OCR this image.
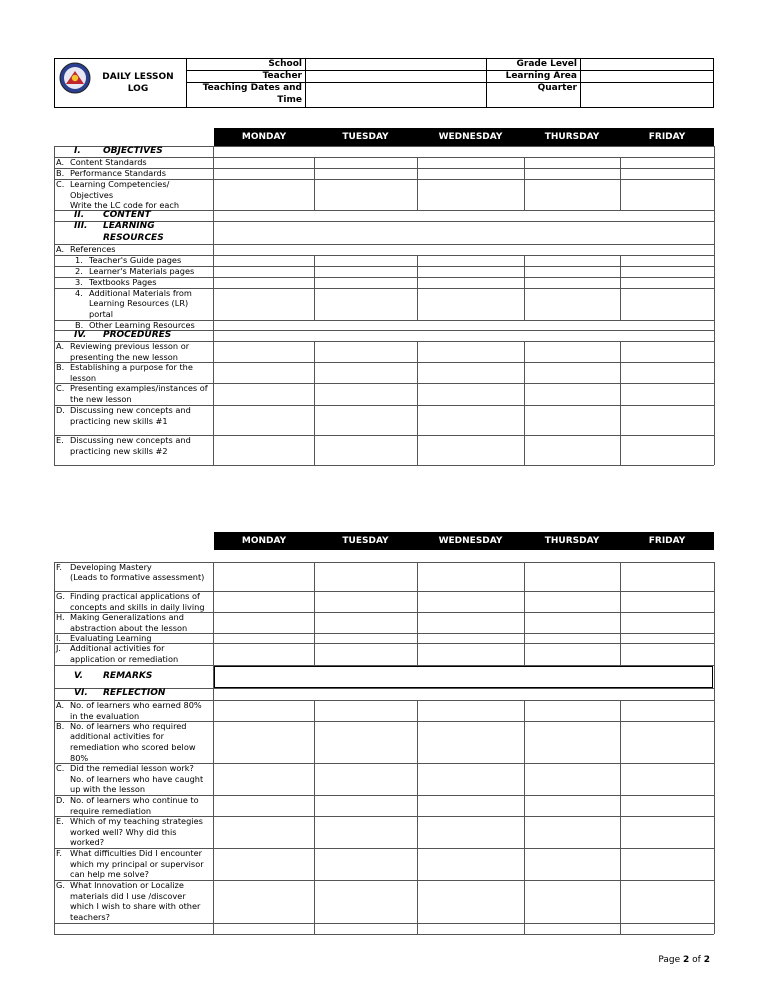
DAILY LESSON
LOG
School
Teacher
Teaching Dates and
Time
Grade Level
Learning Area
Quarter
MONDAY	TUESDAY	WEDNESDAY	THURSDAY	FRIDAY
I. OBJECTIVES
A. Content Standards
B. Performance Standards
C. Learning Competencies/
Objectives
Write the LC code for each
II. CONTENT
III. LEARNING
RESOURCES
A. References
1. Teacher's Guide pages
2. Learner's Materials pages
3. Textbooks Pages
4. Additional Materials from
Learning Resources (LR)
portal
B. Other Learning Resources
IV. PROCEDURES
A. Reviewing previous lesson or
presenting the new lesson
B. Establishing a purpose for the
lesson
C. Presenting examples/instances of
the new lesson
D. Discussing new concepts and
practicing new skills #1
E. Discussing new concepts and
practicing new skills #2
MONDAY	TUESDAY	WEDNESDAY	THURSDAY	FRIDAY
F. Developing Mastery
(Leads to formative assessment)
G. Finding practical applications of
concepts and skills in daily living
H. Making Generalizations and
abstraction about the lesson
I. Evaluating Learning
J. Additional activities for
application or remediation
V. REMARKS
VI. REFLECTION
A. No. of learners who earned 80%
in the evaluation
B. No. of learners who required
additional activities for
remediation who scored below
80%
C. Did the remedial lesson work?
No. of learners who have caught
up with the lesson
D. No. of learners who continue to
require remediation
E. Which of my teaching strategies
worked well? Why did this
worked?
F. What difficulties Did I encounter
which my principal or supervisor
can help me solve?
G. What Innovation or Localize
materials did I use /discover
which I wish to share with other
teachers?
Page 2 of 2
